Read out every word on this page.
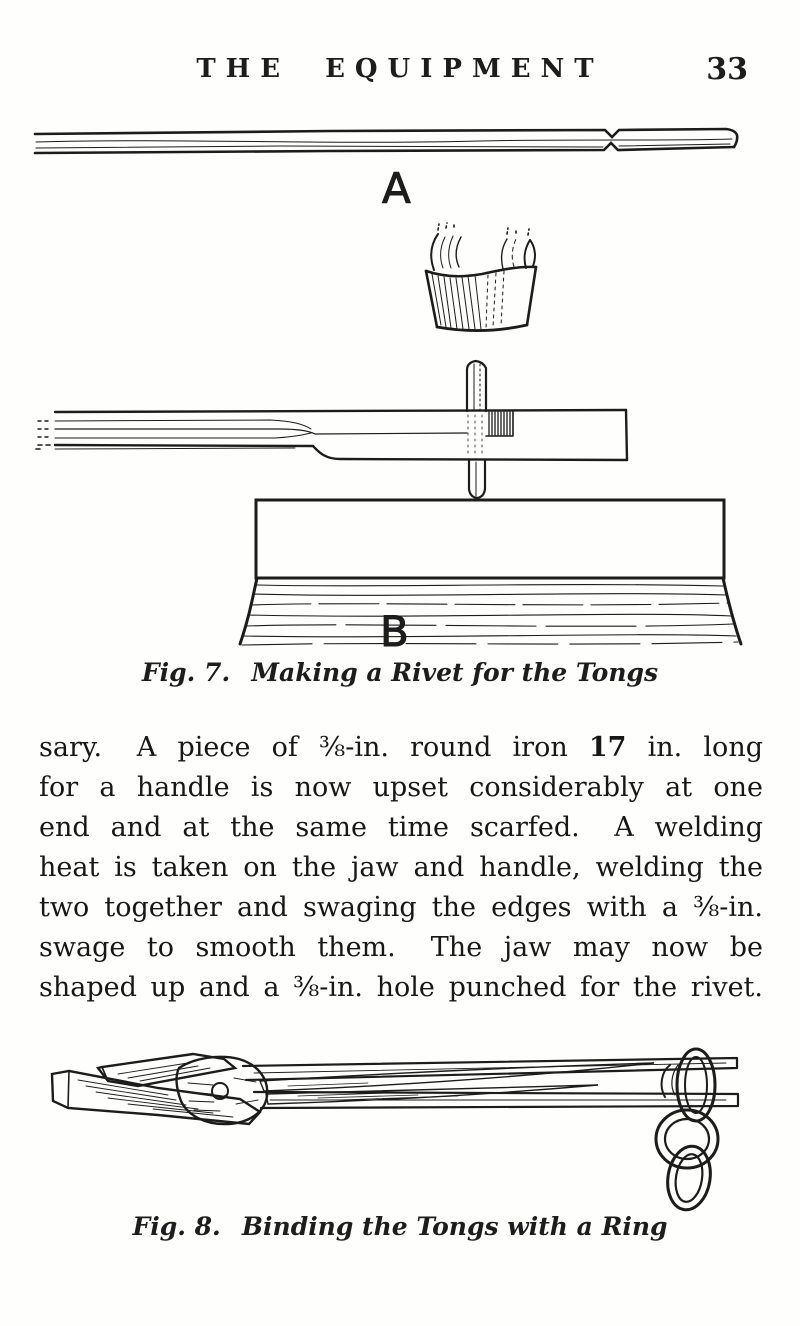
THE EQUIPMENT	33
A
B
Fig. 7.  Making a Rivet for the Tongs
sary.  A piece of ⅜-in. round iron 17 in. long
for a handle is now upset considerably at one
end and at the same time scarfed.  A welding
heat is taken on the jaw and handle, welding the
two together and swaging the edges with a ⅜-in.
swage to smooth them.  The jaw may now be
shaped up and a ⅜-in. hole punched for the rivet.
Fig. 8.  Binding the Tongs with a Ring
